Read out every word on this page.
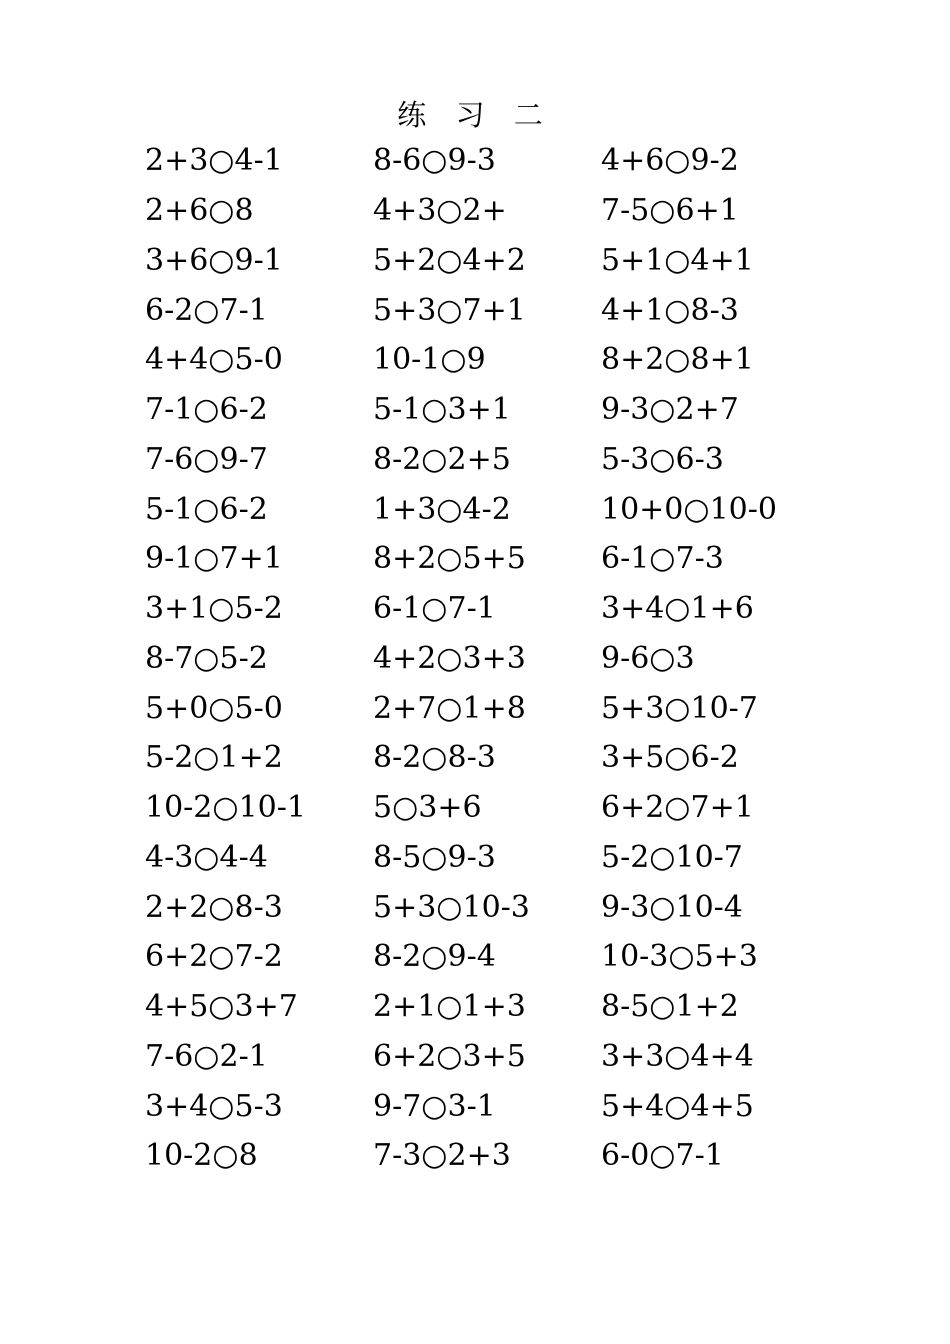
练 习 二
2+3○4-1	8-6○9-3	4+6○9-2
2+6○8	4+3○2+	7-5○6+1
3+6○9-1	5+2○4+2	5+1○4+1
6-2○7-1	5+3○7+1	4+1○8-3
4+4○5-0	10-1○9	8+2○8+1
7-1○6-2	5-1○3+1	9-3○2+7
7-6○9-7	8-2○2+5	5-3○6-3
5-1○6-2	1+3○4-2	10+0○10-0
9-1○7+1	8+2○5+5	6-1○7-3
3+1○5-2	6-1○7-1	3+4○1+6
8-7○5-2	4+2○3+3	9-6○3
5+0○5-0	2+7○1+8	5+3○10-7
5-2○1+2	8-2○8-3	3+5○6-2
10-2○10-1	5○3+6	6+2○7+1
4-3○4-4	8-5○9-3	5-2○10-7
2+2○8-3	5+3○10-3	9-3○10-4
6+2○7-2	8-2○9-4	10-3○5+3
4+5○3+7	2+1○1+3	8-5○1+2
7-6○2-1	6+2○3+5	3+3○4+4
3+4○5-3	9-7○3-1	5+4○4+5
10-2○8	7-3○2+3	6-0○7-1
